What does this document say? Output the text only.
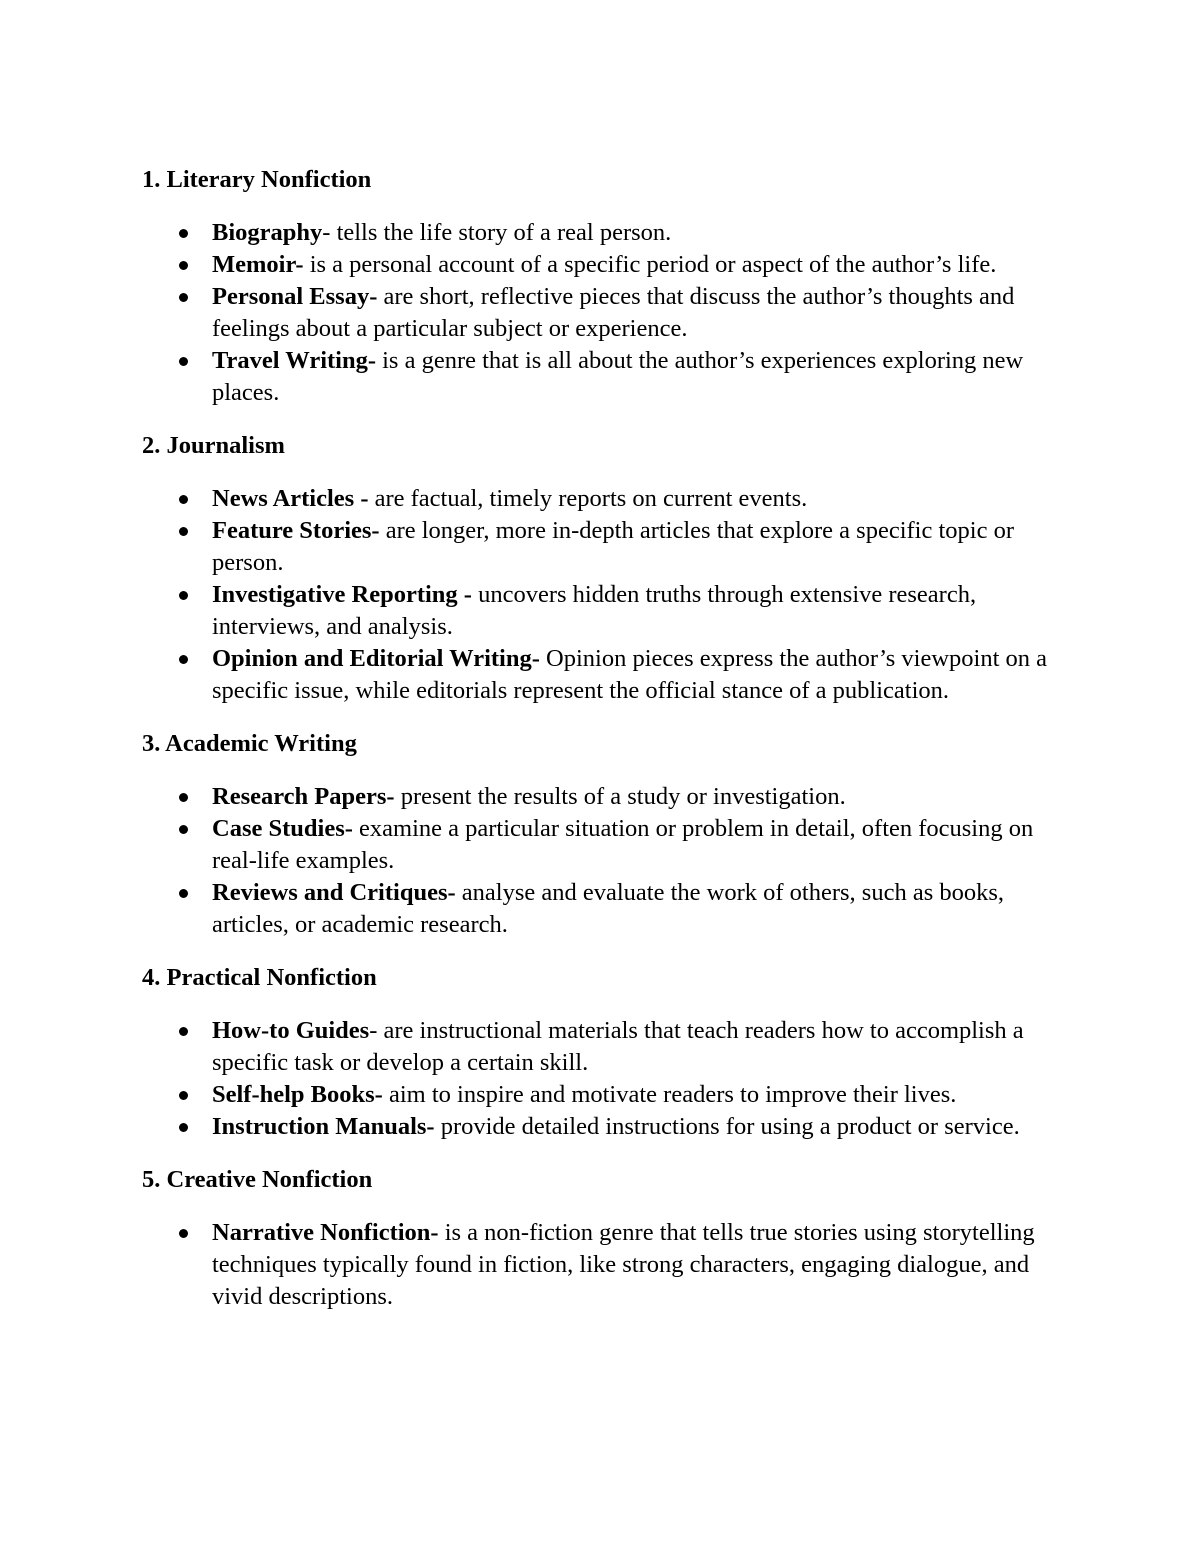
1. Literary Nonfiction
Biography- tells the life story of a real person.
Memoir- is a personal account of a specific period or aspect of the author’s life.
Personal Essay- are short, reflective pieces that discuss the author’s thoughts and feelings about a particular subject or experience.
Travel Writing- is a genre that is all about the author’s experiences exploring new places.
2. Journalism
News Articles - are factual, timely reports on current events.
Feature Stories- are longer, more in-depth articles that explore a specific topic or person.
Investigative Reporting - uncovers hidden truths through extensive research, interviews, and analysis.
Opinion and Editorial Writing- Opinion pieces express the author’s viewpoint on a specific issue, while editorials represent the official stance of a publication.
3. Academic Writing
Research Papers- present the results of a study or investigation.
Case Studies- examine a particular situation or problem in detail, often focusing on real-life examples.
Reviews and Critiques- analyse and evaluate the work of others, such as books, articles, or academic research.
4. Practical Nonfiction
How-to Guides- are instructional materials that teach readers how to accomplish a specific task or develop a certain skill.
Self-help Books- aim to inspire and motivate readers to improve their lives.
Instruction Manuals- provide detailed instructions for using a product or service.
5. Creative Nonfiction
Narrative Nonfiction- is a non-fiction genre that tells true stories using storytelling techniques typically found in fiction, like strong characters, engaging dialogue, and vivid descriptions.
